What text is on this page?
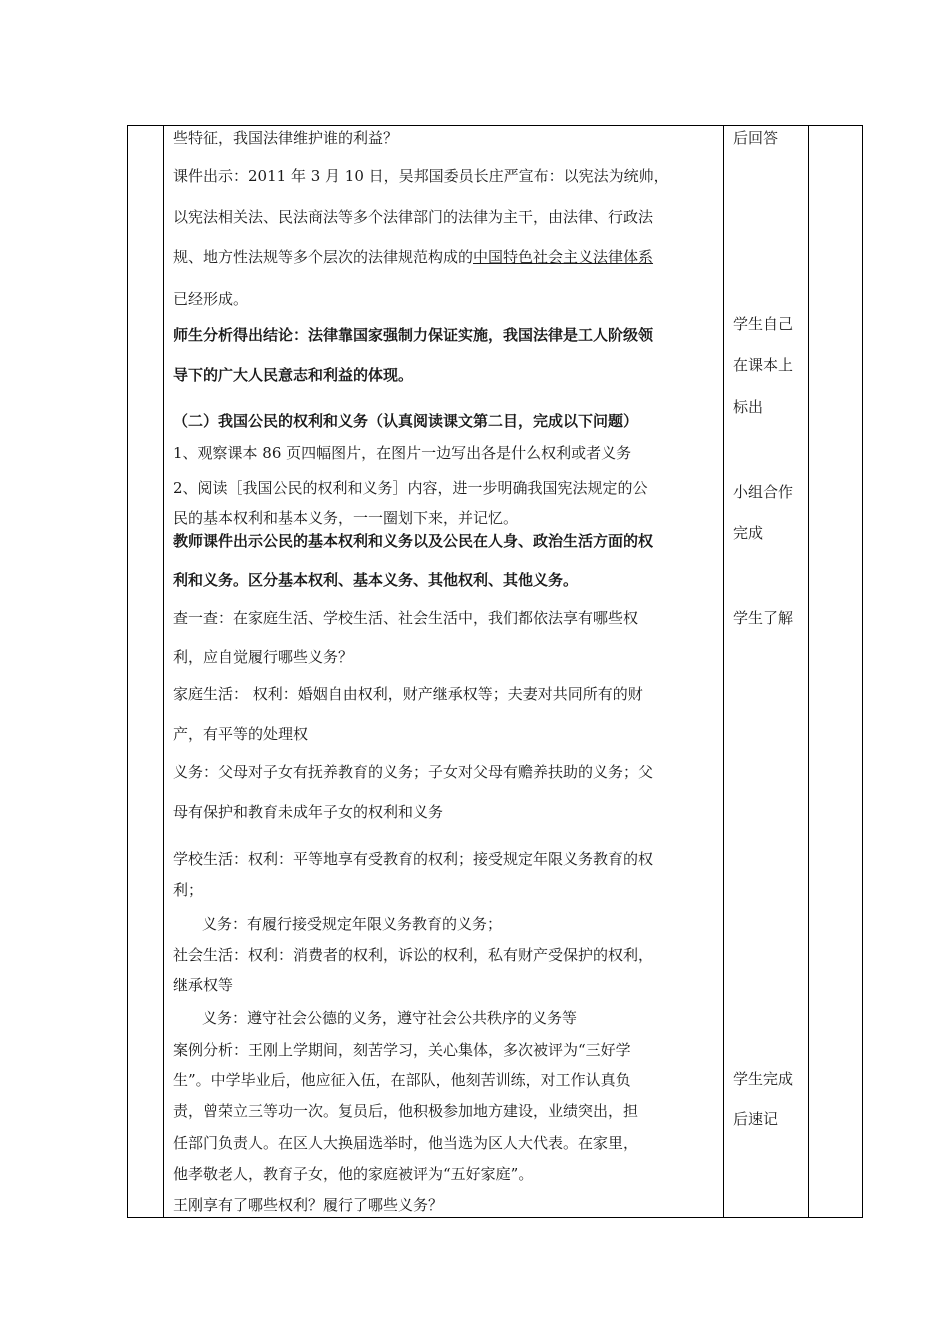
些特征，我国法律维护谁的利益？
课件出示：2011 年 3 月 10 日，吴邦国委员长庄严宣布：以宪法为统帅，
以宪法相关法、民法商法等多个法律部门的法律为主干，由法律、行政法
规、地方性法规等多个层次的法律规范构成的中国特色社会主义法律体系
已经形成。
师生分析得出结论：法律靠国家强制力保证实施，我国法律是工人阶级领
导下的广大人民意志和利益的体现。
（二）我国公民的权利和义务（认真阅读课文第二目，完成以下问题）
1、观察课本 86 页四幅图片，在图片一边写出各是什么权利或者义务
2、阅读［我国公民的权利和义务］内容，进一步明确我国宪法规定的公
民的基本权利和基本义务，一一圈划下来，并记忆。
教师课件出示公民的基本权利和义务以及公民在人身、政治生活方面的权
利和义务。区分基本权利、基本义务、其他权利、其他义务。
查一查：在家庭生活、学校生活、社会生活中，我们都依法享有哪些权
利，应自觉履行哪些义务？
家庭生活： 权利：婚姻自由权利，财产继承权等；夫妻对共同所有的财
产，有平等的处理权
义务：父母对子女有抚养教育的义务；子女对父母有赡养扶助的义务；父
母有保护和教育未成年子女的权利和义务
学校生活：权利：平等地享有受教育的权利；接受规定年限义务教育的权
利；
义务：有履行接受规定年限义务教育的义务；
社会生活：权利：消费者的权利，诉讼的权利，私有财产受保护的权利，
继承权等
义务：遵守社会公德的义务，遵守社会公共秩序的义务等
案例分析：王刚上学期间，刻苦学习，关心集体，多次被评为“三好学
生”。中学毕业后，他应征入伍，在部队，他刻苦训练，对工作认真负
责，曾荣立三等功一次。复员后，他积极参加地方建设，业绩突出，担
任部门负责人。在区人大换届选举时，他当选为区人大代表。在家里，
他孝敬老人，教育子女，他的家庭被评为“五好家庭”。
王刚享有了哪些权利？履行了哪些义务？
后回答
学生自己
在课本上
标出
小组合作
完成
学生了解
学生完成
后速记
